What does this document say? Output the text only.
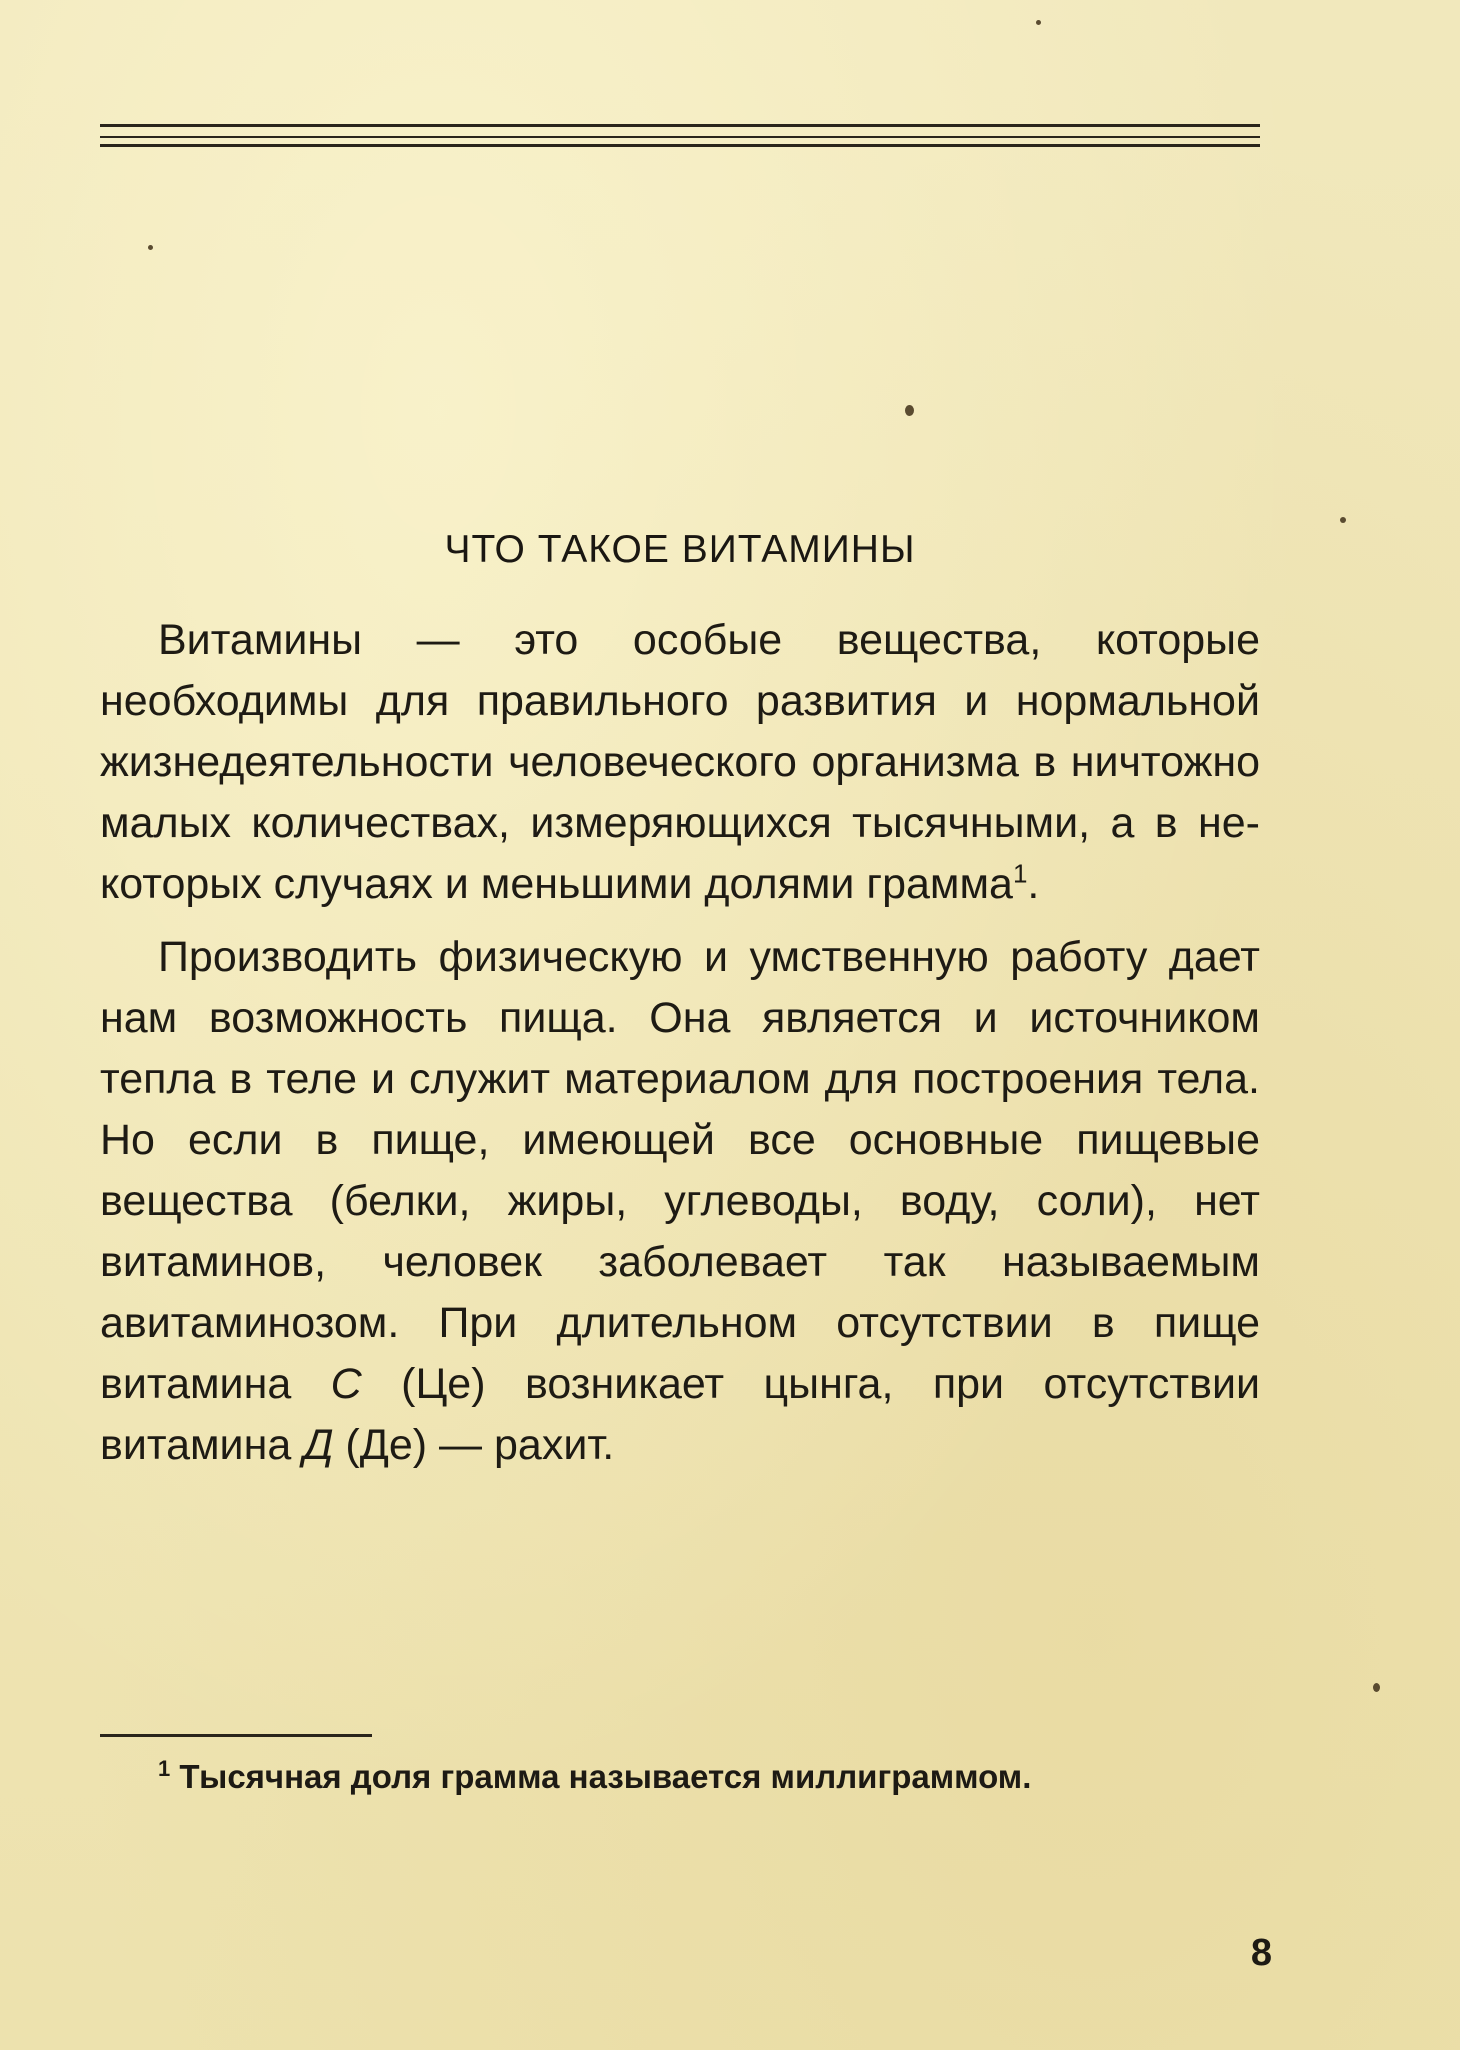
ЧТО ТАКОЕ ВИТАМИНЫ

Витамины — это особые вещества, которые необходимы для правильного развития и нормальной жизнедеятельности человеческого организма в ничтожно малых количествах, измеряющихся тысячными, а в некоторых случаях и меньшими долями грамма$^1$.

Производить физическую и умственную работу дает нам возможность пища. Она является и источником тепла в теле и служит материалом для построения тела. Но если в пище, имеющей все основные пищевые вещества (белки, жиры, углеводы, воду, соли), нет витаминов, человек заболевает так называемым авитаминозом. При длительном отсутствии в пище витамина С (Це) возникает цынга, при отсутствии витамина Д (Де) — рахит.

$^1$ Тысячная доля грамма называется миллиграммом.

8
